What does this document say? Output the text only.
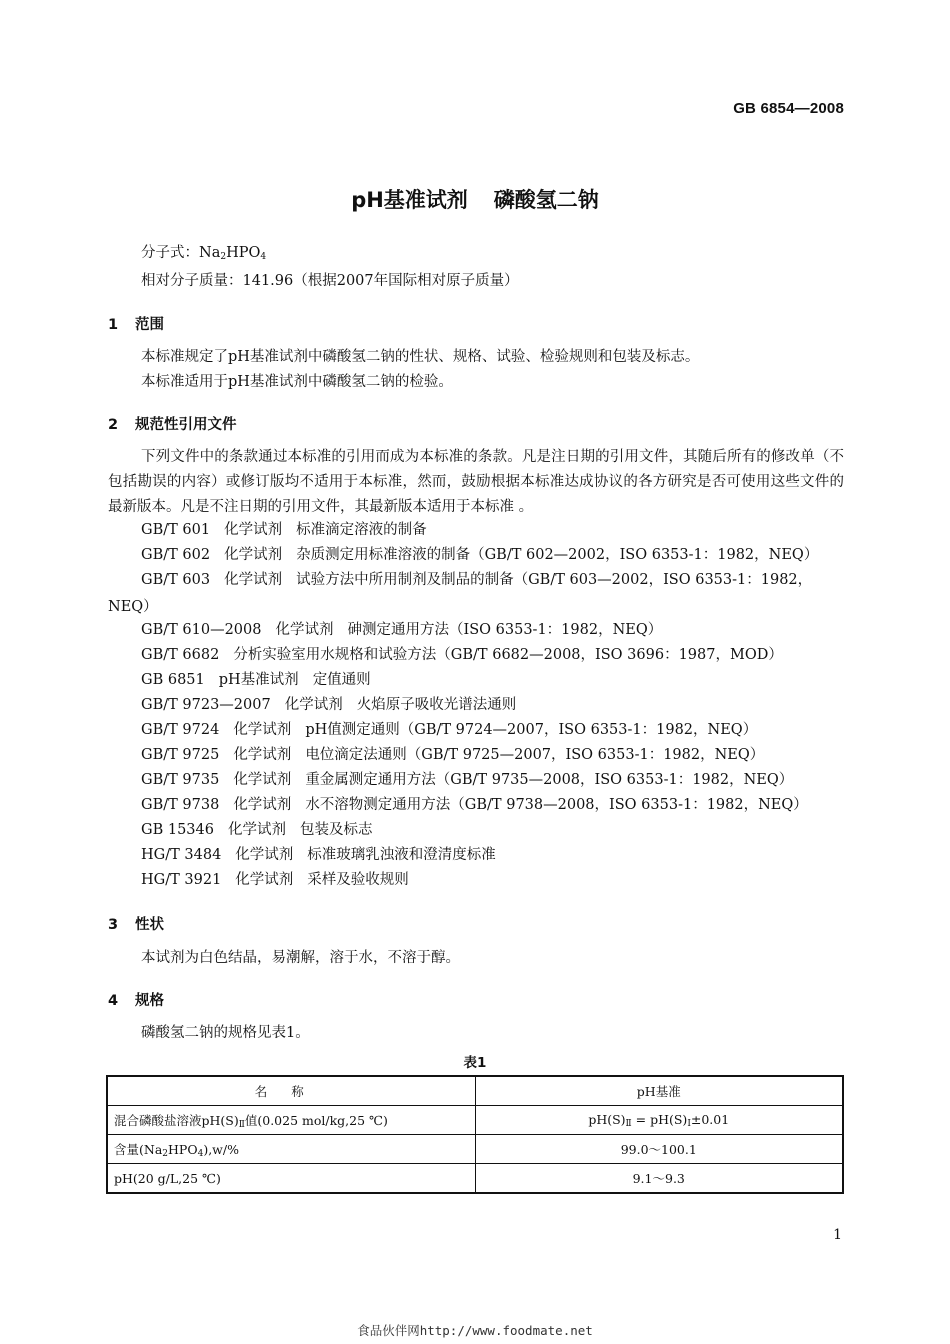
GB 6854—2008
pH基准试剂 磷酸氢二钠
分子式：$Na_2HPO_4$
相对分子质量：141.96（根据2007年国际相对原子质量）
1 范围
本标准规定了pH基准试剂中磷酸氢二钠的性状、规格、试验、检验规则和包装及标志。
本标准适用于pH基准试剂中磷酸氢二钠的检验。
2 规范性引用文件
下列文件中的条款通过本标准的引用而成为本标准的条款。凡是注日期的引用文件，其随后所有的修改单（不包括勘误的内容）或修订版均不适用于本标准，然而，鼓励根据本标准达成协议的各方研究是否可使用这些文件的最新版本。凡是不注日期的引用文件，其最新版本适用于本标准 。
GB/T 601 化学试剂 标准滴定溶液的制备
GB/T 602 化学试剂 杂质测定用标准溶液的制备（GB/T 602—2002，ISO 6353-1：1982，NEQ）
GB/T 603 化学试剂 试验方法中所用制剂及制品的制备（GB/T 603—2002，ISO 6353-1：1982，
NEQ）
GB/T 610—2008 化学试剂 砷测定通用方法（ISO 6353-1：1982，NEQ）
GB/T 6682 分析实验室用水规格和试验方法（GB/T 6682—2008，ISO 3696：1987，MOD）
GB 6851 pH基准试剂 定值通则
GB/T 9723—2007 化学试剂 火焰原子吸收光谱法通则
GB/T 9724 化学试剂 pH值测定通则（GB/T 9724—2007，ISO 6353-1：1982，NEQ）
GB/T 9725 化学试剂 电位滴定法通则（GB/T 9725—2007，ISO 6353-1：1982，NEQ）
GB/T 9735 化学试剂 重金属测定通用方法（GB/T 9735—2008，ISO 6353-1：1982，NEQ）
GB/T 9738 化学试剂 水不溶物测定通用方法（GB/T 9738—2008，ISO 6353-1：1982，NEQ）
GB 15346 化学试剂 包装及标志
HG/T 3484 化学试剂 标准玻璃乳浊液和澄清度标准
HG/T 3921 化学试剂 采样及验收规则
3 性状
本试剂为白色结晶，易潮解，溶于水，不溶于醇。
4 规格
磷酸氢二钠的规格见表1。
表1
名称	pH基准
混合磷酸盐溶液$pH(S)_Ⅱ$值(0.025 mol/kg,25 ℃)	$pH(S)_Ⅱ = pH(S)_Ⅰ\pm 0.01$
含量$(Na_2HPO_4),w/\%$	99.0～100.1
pH(20 g/L,25 ℃)	9.1～9.3
1
食品伙伴网http://www.foodmate.net
